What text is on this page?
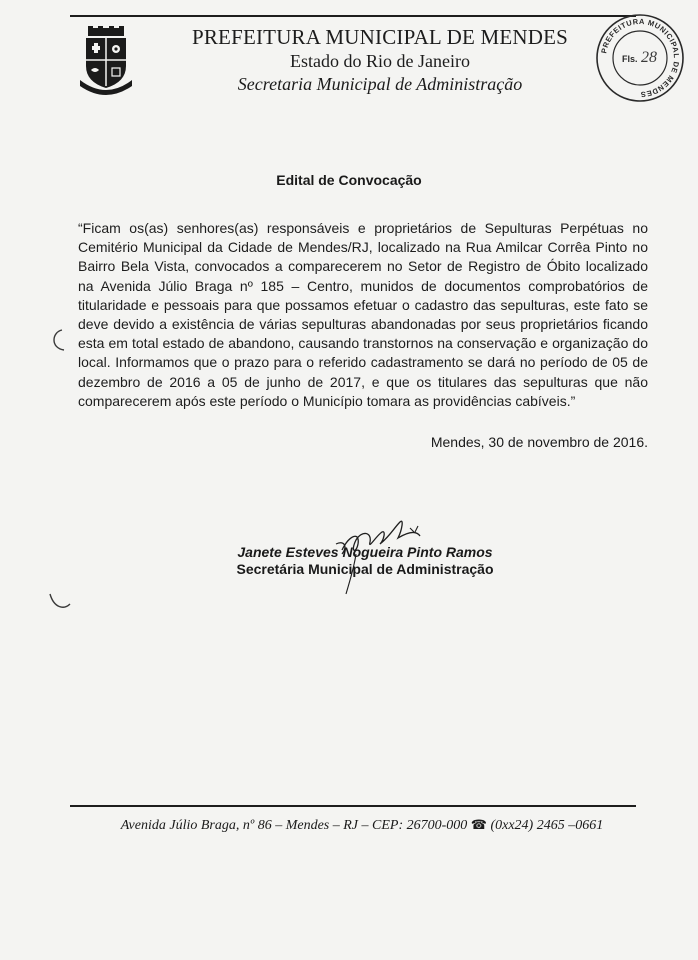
PREFEITURA MUNICIPAL DE MENDES
Estado do Rio de Janeiro
Secretaria Municipal de Administração
PREFEITURA MUNICIPAL DE MENDES
Fls. 28
Edital de Convocação
“Ficam os(as) senhores(as) responsáveis e proprietários de Sepulturas Perpétuas no Cemitério Municipal da Cidade de Mendes/RJ, localizado na Rua Amilcar Corrêa Pinto no Bairro Bela Vista, convocados a comparecerem no Setor de Registro de Óbito localizado na Avenida Júlio Braga nº 185 – Centro, munidos de documentos comprobatórios de titularidade e pessoais para que possamos efetuar o cadastro das sepulturas, este fato se deve devido a existência de várias sepulturas abandonadas por seus proprietários ficando esta em total estado de abandono, causando transtornos na conservação e organização do local. Informamos que o prazo para o referido cadastramento se dará no período de 05 de dezembro de 2016 a 05 de junho de 2017, e que os titulares das sepulturas que não comparecerem após este período o Município tomara as providências cabíveis.”
Mendes, 30 de novembro de 2016.
Janete Esteves Nogueira Pinto Ramos
Secretária Municipal de Administração
Avenida Júlio Braga, nº 86 – Mendes – RJ – CEP: 26700-000 ☎ (0xx24) 2465 –0661
